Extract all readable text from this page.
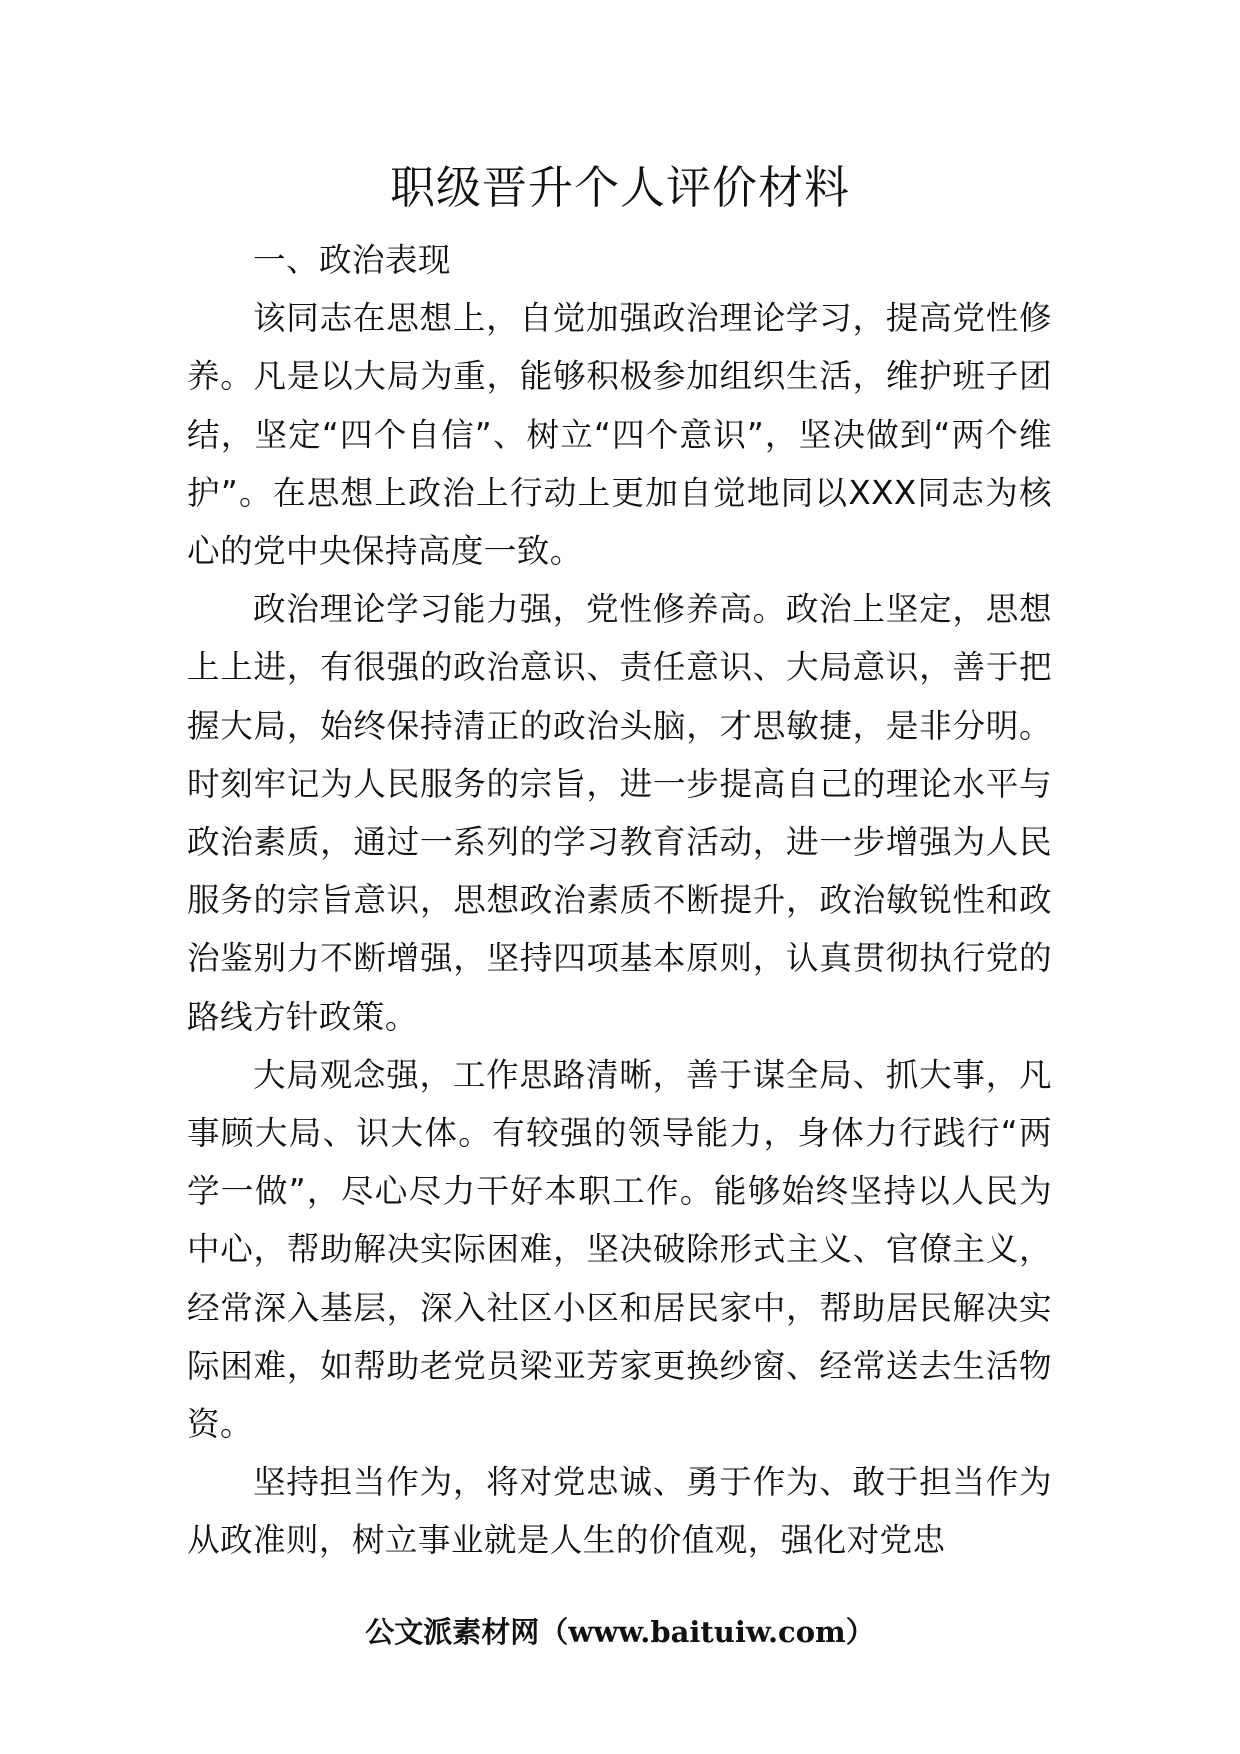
职级晋升个人评价材料

一、政治表现

该同志在思想上，自觉加强政治理论学习，提高党性修养。凡是以大局为重，能够积极参加组织生活，维护班子团结，坚定“四个自信”、树立“四个意识”，坚决做到“两个维护”。在思想上政治上行动上更加自觉地同以XXX同志为核心的党中央保持高度一致。

政治理论学习能力强，党性修养高。政治上坚定，思想上上进，有很强的政治意识、责任意识、大局意识，善于把握大局，始终保持清正的政治头脑，才思敏捷，是非分明。时刻牢记为人民服务的宗旨，进一步提高自己的理论水平与政治素质，通过一系列的学习教育活动，进一步增强为人民服务的宗旨意识，思想政治素质不断提升，政治敏锐性和政治鉴别力不断增强，坚持四项基本原则，认真贯彻执行党的路线方针政策。

大局观念强，工作思路清晰，善于谋全局、抓大事，凡事顾大局、识大体。有较强的领导能力，身体力行践行“两学一做”，尽心尽力干好本职工作。能够始终坚持以人民为中心，帮助解决实际困难，坚决破除形式主义、官僚主义，经常深入基层，深入社区小区和居民家中，帮助居民解决实际困难，如帮助老党员梁亚芳家更换纱窗、经常送去生活物资。

坚持担当作为，将对党忠诚、勇于作为、敢于担当作为从政准则，树立事业就是人生的价值观，强化对党忠

公文派素材网（www.baituiw.com）
